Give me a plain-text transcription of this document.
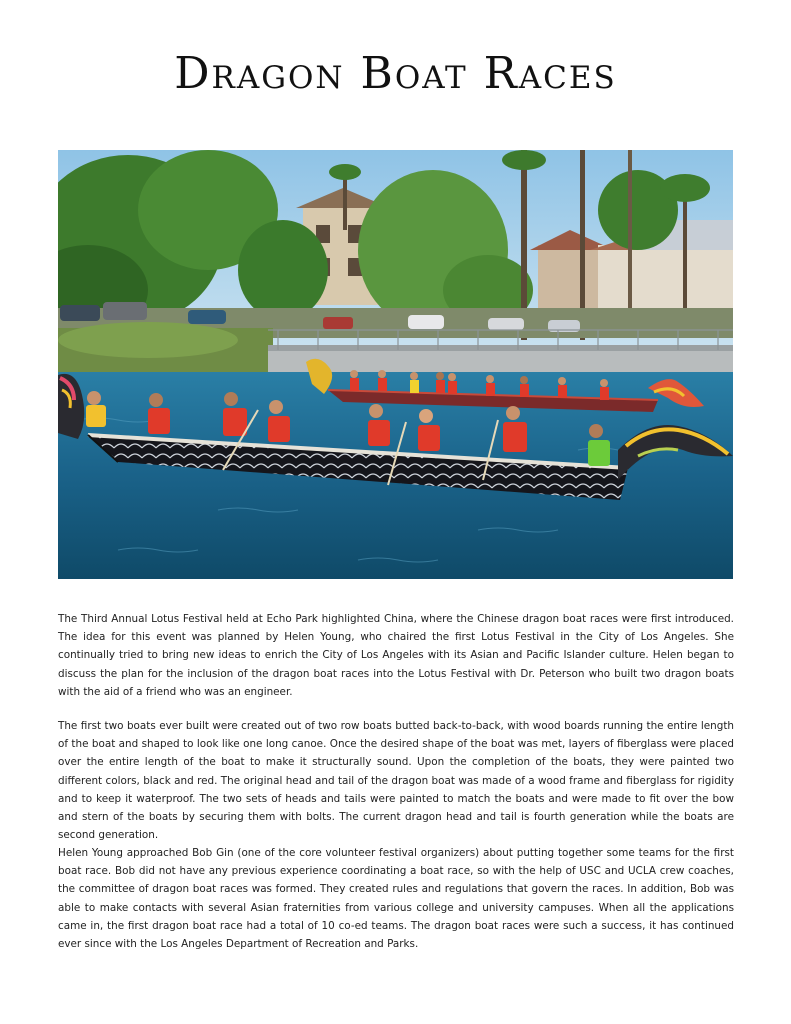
Dragon Boat Races

The Third Annual Lotus Festival held at Echo Park highlighted China, where the Chinese dragon boat races were first introduced. The idea for this event was planned by Helen Young, who chaired the first Lotus Festival in the City of Los Angeles. She continually tried to bring new ideas to enrich the City of Los Angeles with its Asian and Pacific Islander culture. Helen began to discuss the plan for the inclusion of the dragon boat races into the Lotus Festival with Dr. Peterson who built two dragon boats with the aid of a friend who was an engineer.

The first two boats ever built were created out of two row boats butted back-to-back, with wood boards running the entire length of the boat and shaped to look like one long canoe. Once the desired shape of the boat was met, layers of fiberglass were placed over the entire length of the boat to make it structurally sound. Upon the completion of the boats, they were painted two different colors, black and red. The original head and tail of the dragon boat was made of a wood frame and fiberglass for rigidity and to keep it waterproof. The two sets of heads and tails were painted to match the boats and were made to fit over the bow and stern of the boats by securing them with bolts. The current dragon head and tail is fourth generation while the boats are second generation.

Helen Young approached Bob Gin (one of the core volunteer festival organizers) about putting together some teams for the first boat race. Bob did not have any previous experience coordinating a boat race, so with the help of USC and UCLA crew coaches, the committee of dragon boat races was formed. They created rules and regulations that govern the races. In addition, Bob was able to make contacts with several Asian fraternities from various college and university campuses. When all the applications came in, the first dragon boat race had a total of 10 co-ed teams. The dragon boat races were such a success, it has continued ever since with the Los Angeles Department of Recreation and Parks.
